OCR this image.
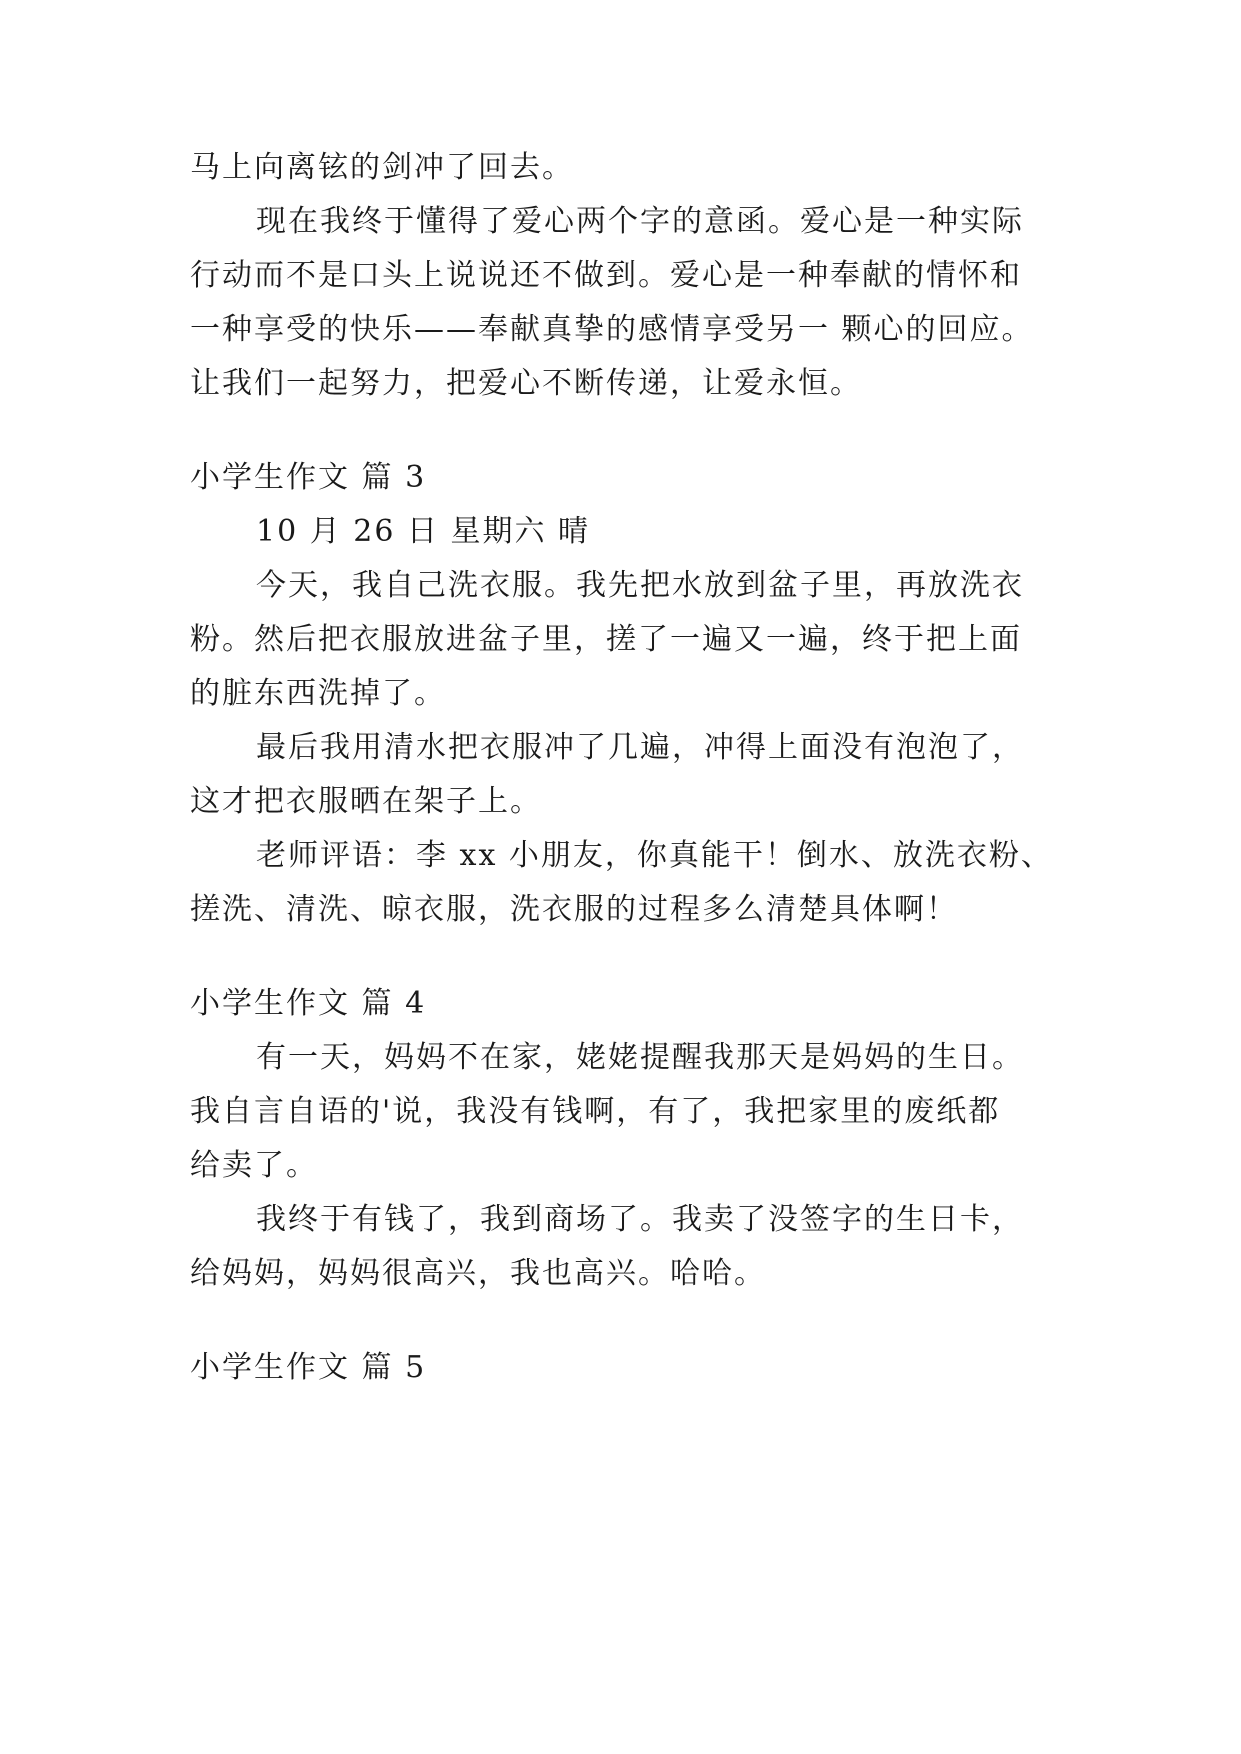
马上向离铉的剑冲了回去。
现在我终于懂得了爱心两个字的意函。爱心是一种实际
行动而不是口头上说说还不做到。爱心是一种奉献的情怀和
一种享受的快乐——奉献真挚的感情享受另一 颗心的回应。
让我们一起努力，把爱心不断传递，让爱永恒。
小学生作文 篇 3
10 月 26 日 星期六 晴
今天，我自己洗衣服。我先把水放到盆子里，再放洗衣
粉。然后把衣服放进盆子里，搓了一遍又一遍，终于把上面
的脏东西洗掉了。
最后我用清水把衣服冲了几遍，冲得上面没有泡泡了，
这才把衣服晒在架子上。
老师评语：李 xx 小朋友，你真能干！倒水、放洗衣粉、
搓洗、清洗、晾衣服，洗衣服的过程多么清楚具体啊！
小学生作文 篇 4
有一天，妈妈不在家，姥姥提醒我那天是妈妈的生日。
我自言自语的'说，我没有钱啊，有了，我把家里的废纸都
给卖了。
我终于有钱了，我到商场了。我卖了没签字的生日卡，
给妈妈，妈妈很高兴，我也高兴。哈哈。
小学生作文 篇 5
